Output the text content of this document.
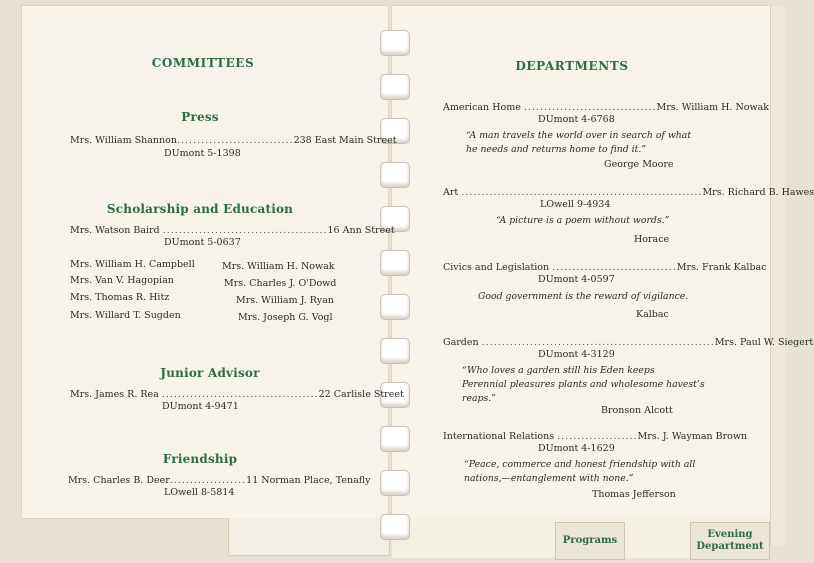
Programs
Evening
Department
COMMITTEES
Press
Mrs. William Shannon.............................238 East Main Street
DUmont 5-1398
Scholarship and Education
Mrs. Watson Baird .........................................16 Ann Street
DUmont 5-0637
Mrs. William H. Campbell
Mrs. Van V. Hagopian
Mrs. Thomas R. Hitz
Mrs. Willard T. Sugden
Mrs. William H. Nowak
Mrs. Charles J. O'Dowd
Mrs. William J. Ryan
Mrs. Joseph G. Vogl
Junior Advisor
Mrs. James R. Rea .......................................22 Carlisle Street
DUmont 4-9471
Friendship
Mrs. Charles B. Deer...................11 Norman Place, Tenafly
LOwell 8-5814
DEPARTMENTS
American Home .................................Mrs. William H. Nowak
DUmont 4-6768
“A man travels the world over in search of what
he needs and returns home to find it.”
George Moore
Art ............................................................Mrs. Richard B. Hawes
LOwell 9-4934
“A picture is a poem without words.”
Horace
Civics and Legislation ...............................Mrs. Frank Kalbac
DUmont 4-0597
Good government is the reward of vigilance.
Kalbac
Garden ..........................................................Mrs. Paul W. Siegert
DUmont 4-3129
“Who loves a garden still his Eden keeps
Perennial pleasures plants and wholesome havest’s
reaps.”
Bronson Alcott
International Relations ....................Mrs. J. Wayman Brown
DUmont 4-1629
“Peace, commerce and honest friendship with all
nations,—entanglement with none.”
Thomas Jefferson
